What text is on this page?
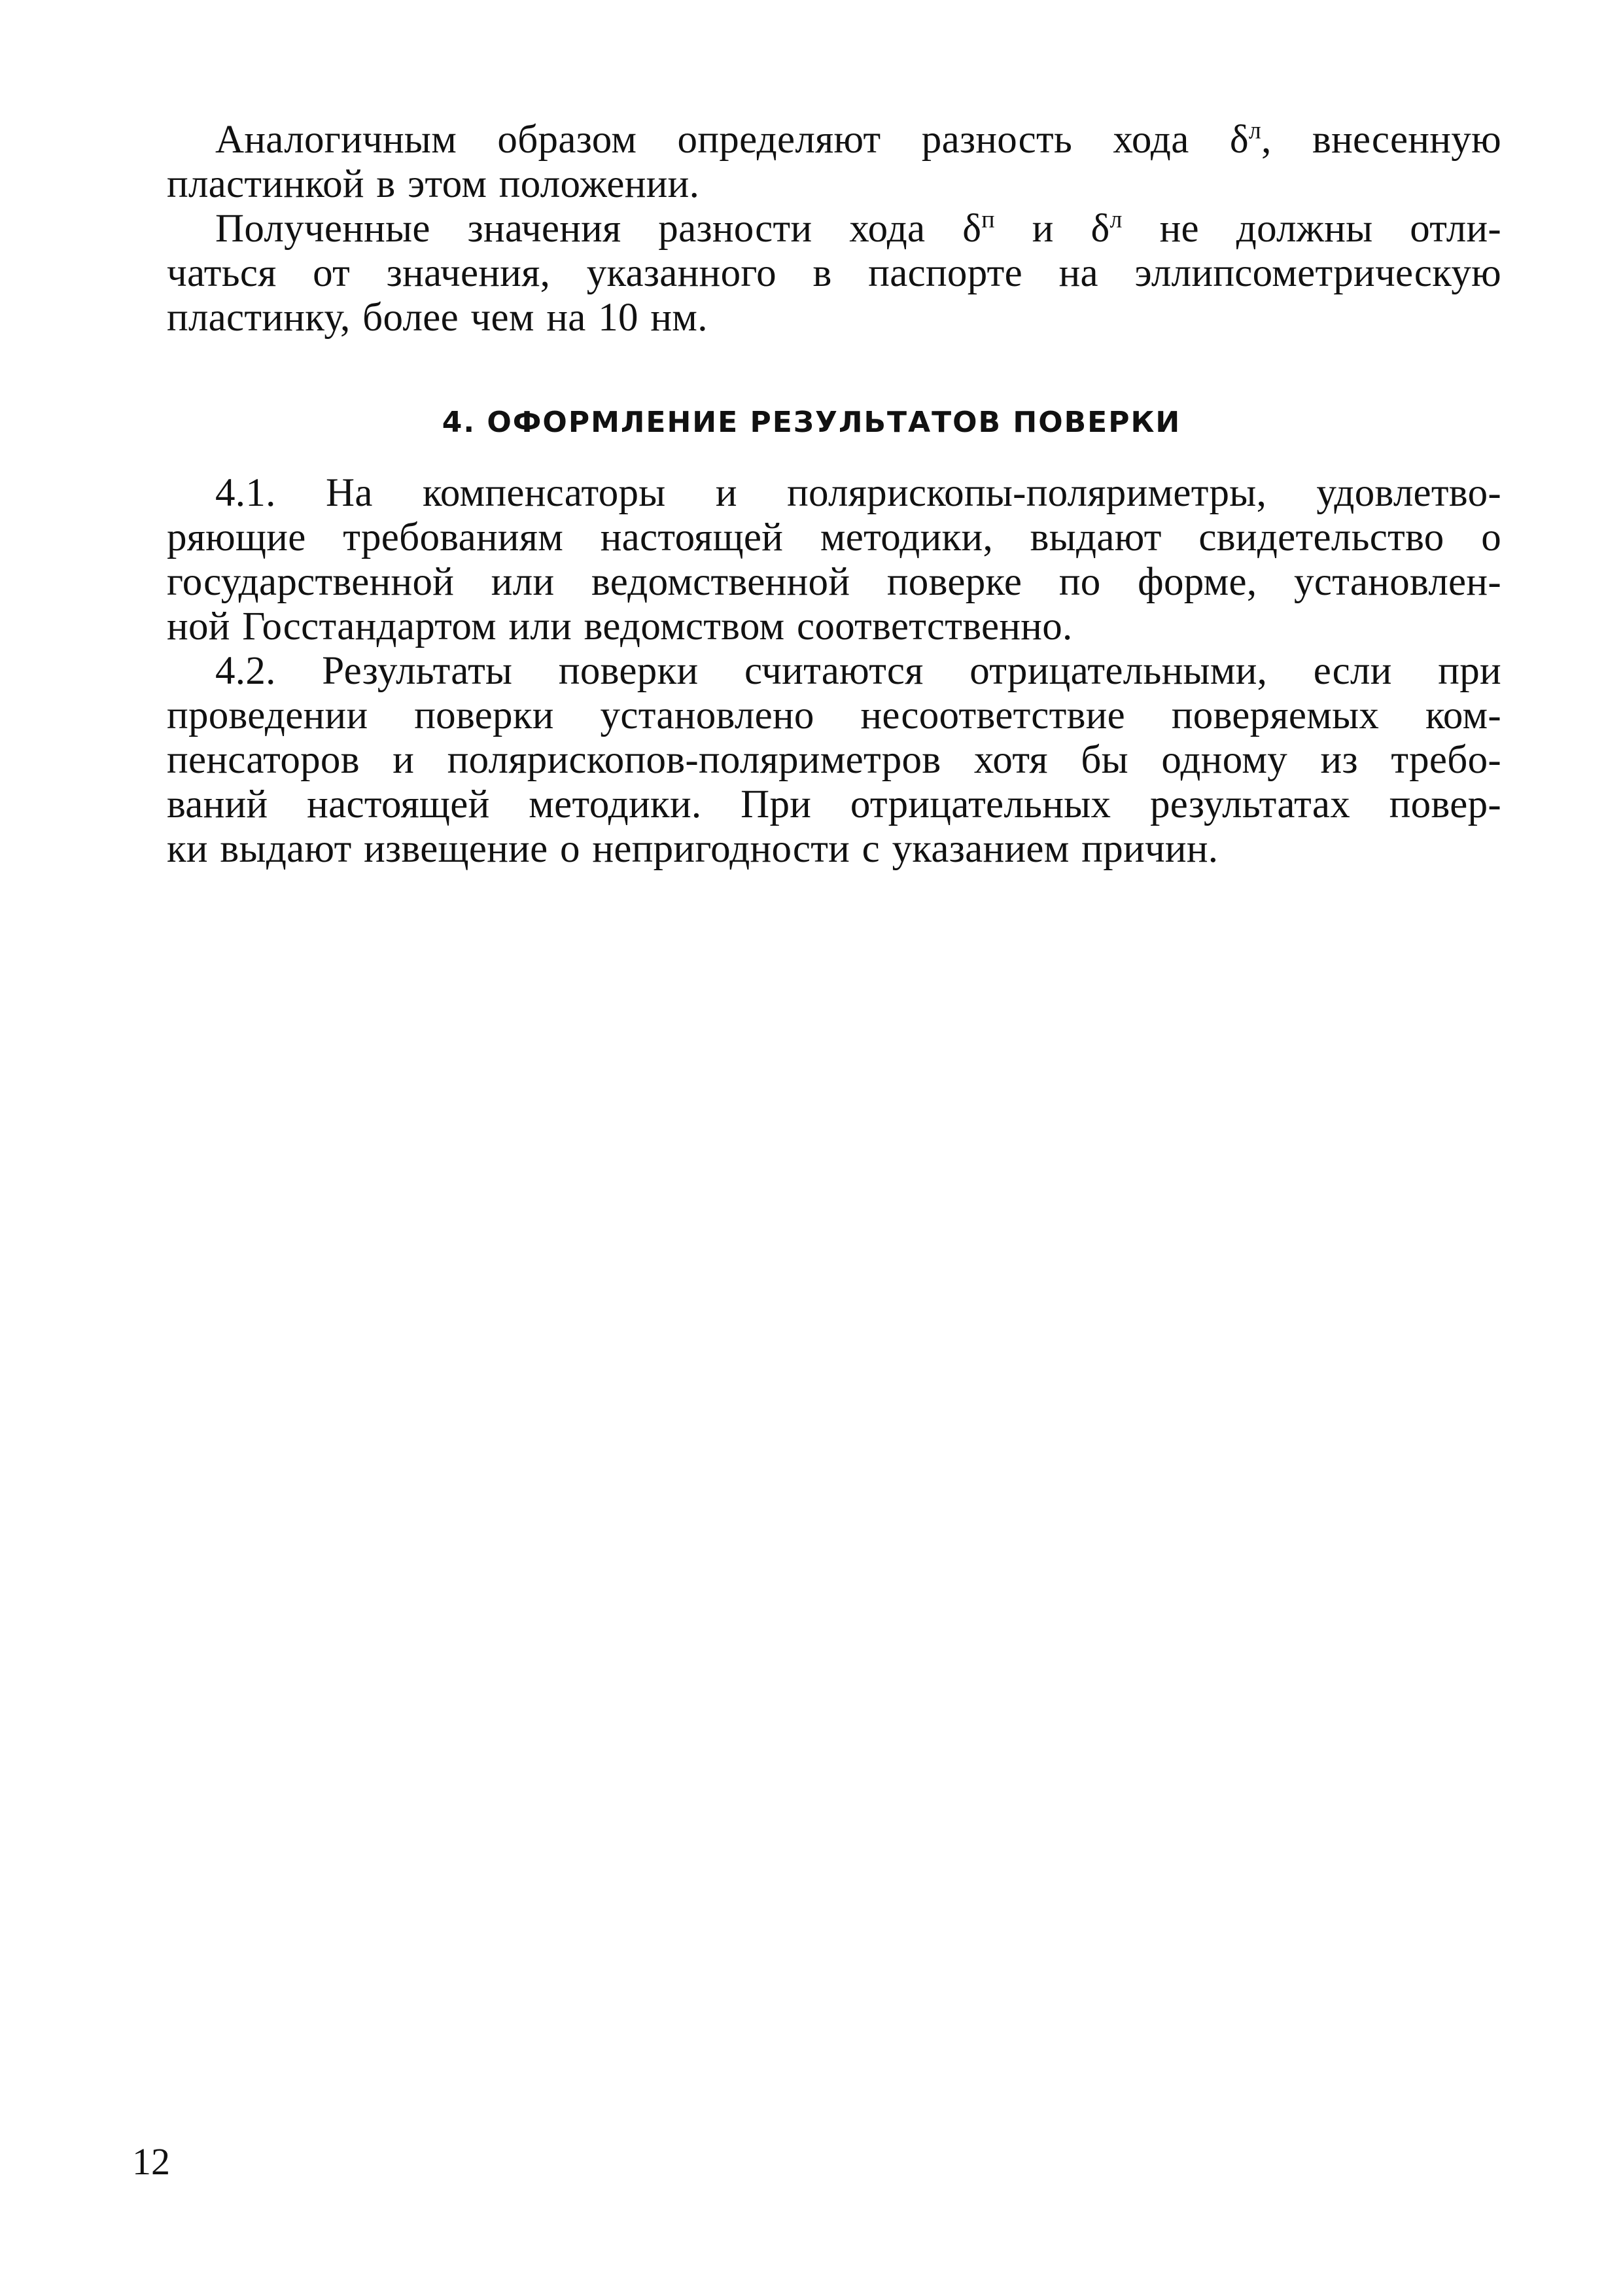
Аналогичным образом определяют разность хода $\delta^л$, внесенную
пластинкой в этом положении.

Полученные значения разности хода $\delta^п$ и $\delta^л$ не должны отли-
чаться от значения, указанного в паспорте на эллипсометрическую
пластинку, более чем на 10 нм.

4. ОФОРМЛЕНИЕ РЕЗУЛЬТАТОВ ПОВЕРКИ

4.1. На компенсаторы и полярископы-поляриметры, удовлетво-
ряющие требованиям настоящей методики, выдают свидетельство о
государственной или ведомственной поверке по форме, установлен-
ной Госстандартом или ведомством соответственно.

4.2. Результаты поверки считаются отрицательными, если при
проведении поверки установлено несоответствие поверяемых ком-
пенсаторов и полярископов-поляриметров хотя бы одному из требо-
ваний настоящей методики. При отрицательных результатах повер-
ки выдают извещение о непригодности с указанием причин.

12
